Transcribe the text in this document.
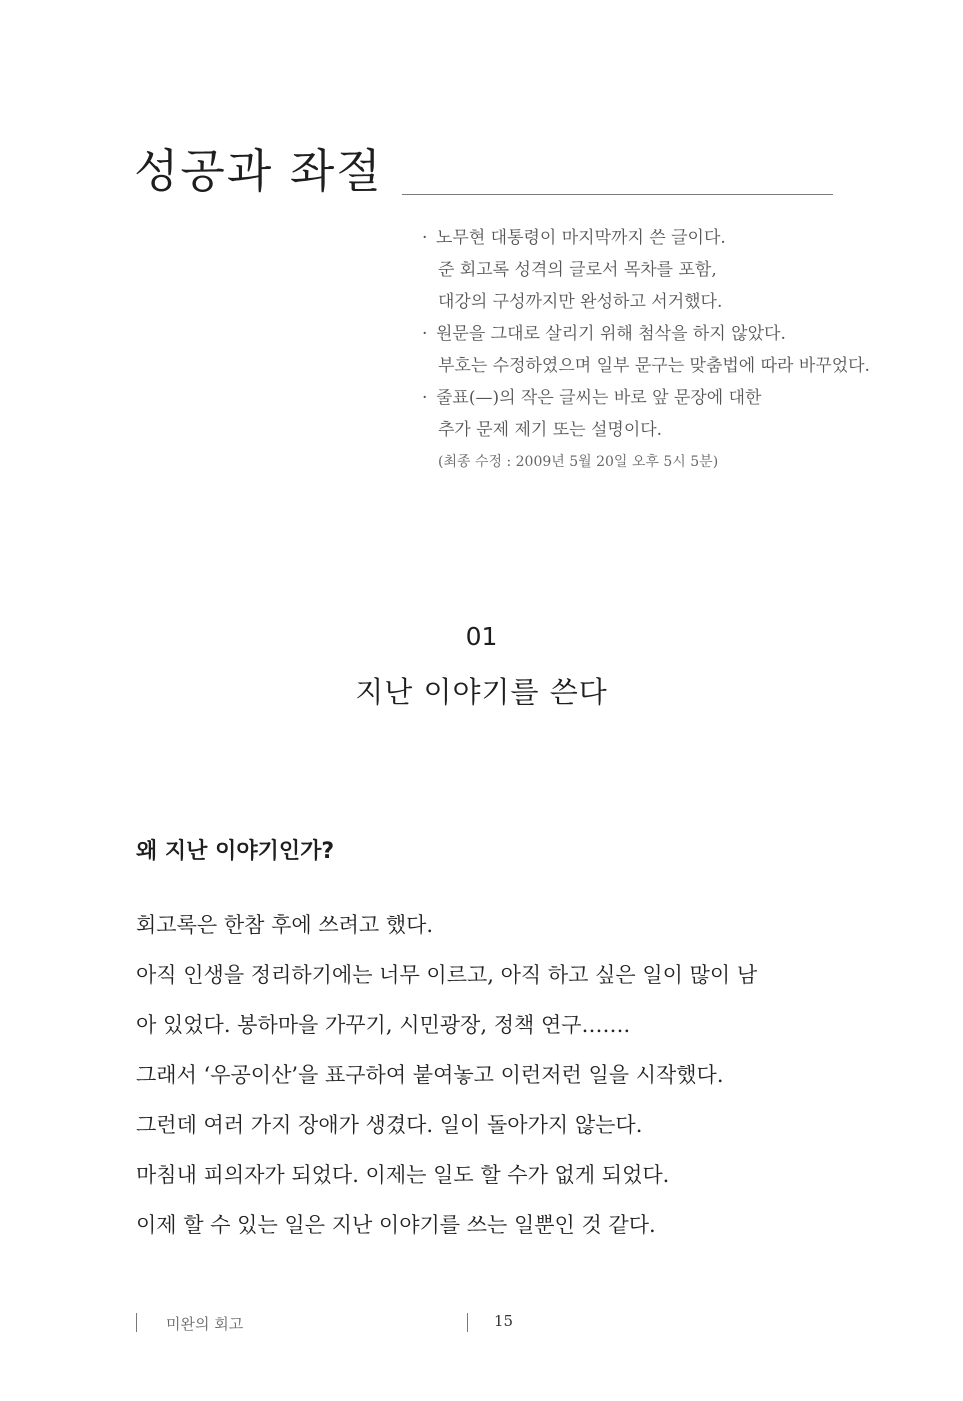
성공과 좌절
· 노무현 대통령이 마지막까지 쓴 글이다.
준 회고록 성격의 글로서 목차를 포함,
대강의 구성까지만 완성하고 서거했다.
· 원문을 그대로 살리기 위해 첨삭을 하지 않았다.
부호는 수정하였으며 일부 문구는 맞춤법에 따라 바꾸었다.
· 줄표(—)의 작은 글씨는 바로 앞 문장에 대한
추가 문제 제기 또는 설명이다.
(최종 수정 : 2009년 5월 20일 오후 5시 5분)
01
지난 이야기를 쓴다
왜 지난 이야기인가?
회고록은 한참 후에 쓰려고 했다.
아직 인생을 정리하기에는 너무 이르고, 아직 하고 싶은 일이 많이 남
아 있었다. 봉하마을 가꾸기, 시민광장, 정책 연구…….
그래서 ‘우공이산’을 표구하여 붙여놓고 이런저런 일을 시작했다.
그런데 여러 가지 장애가 생겼다. 일이 돌아가지 않는다.
마침내 피의자가 되었다. 이제는 일도 할 수가 없게 되었다.
이제 할 수 있는 일은 지난 이야기를 쓰는 일뿐인 것 같다.
미완의 회고	15
